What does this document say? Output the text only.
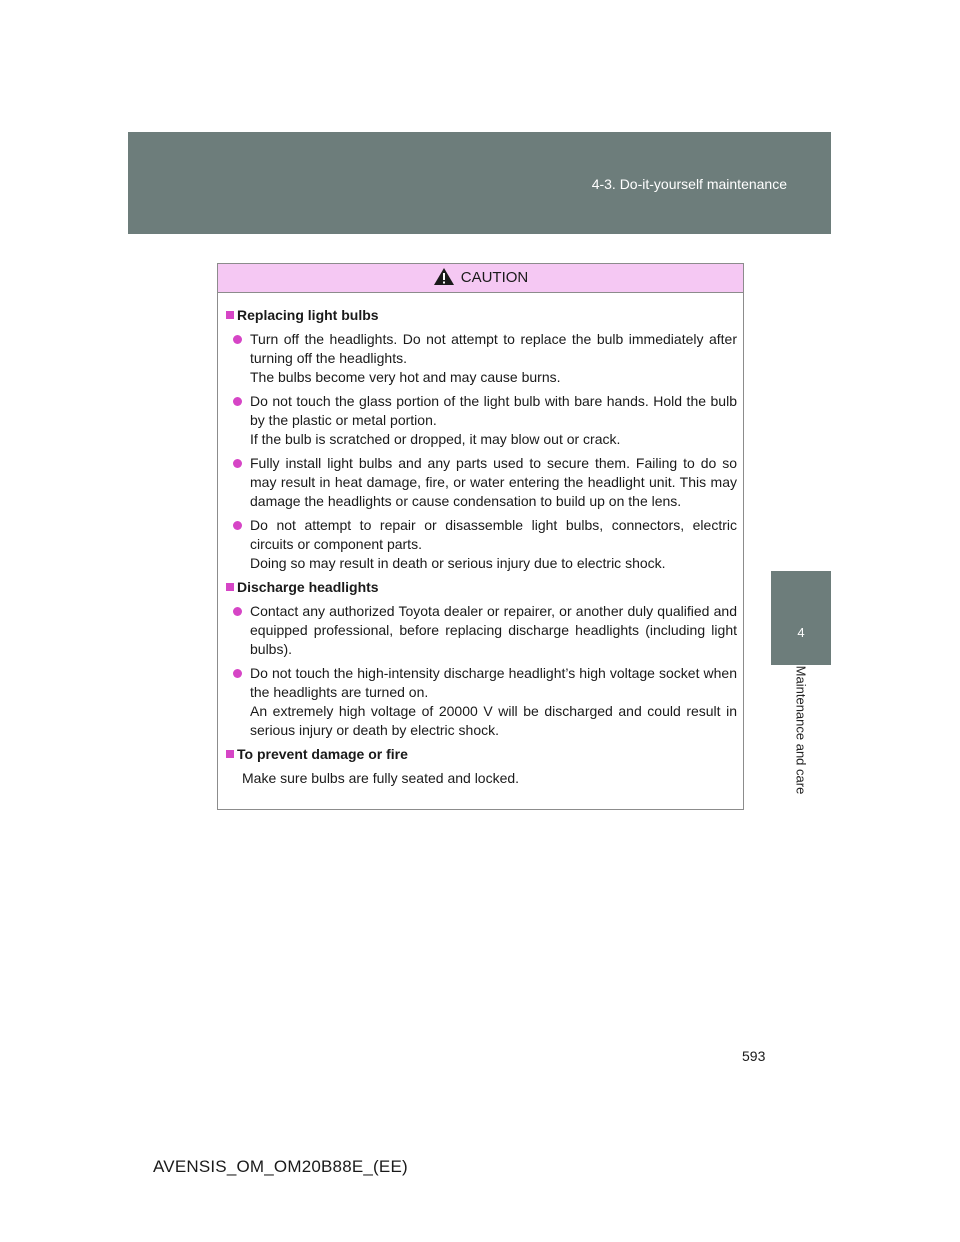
4-3. Do-it-yourself maintenance
4
Maintenance and care
CAUTION
Replacing light bulbs
Turn off the headlights. Do not attempt to replace the bulb immediately after turning off the headlights.
The bulbs become very hot and may cause burns.
Do not touch the glass portion of the light bulb with bare hands. Hold the bulb by the plastic or metal portion.
If the bulb is scratched or dropped, it may blow out or crack.
Fully install light bulbs and any parts used to secure them. Failing to do so may result in heat damage, fire, or water entering the headlight unit. This may damage the headlights or cause condensation to build up on the lens.
Do not attempt to repair or disassemble light bulbs, connectors, electric circuits or component parts.
Doing so may result in death or serious injury due to electric shock.
Discharge headlights
Contact any authorized Toyota dealer or repairer, or another duly qualified and equipped professional, before replacing discharge headlights (including light bulbs).
Do not touch the high-intensity discharge headlight’s high voltage socket when the headlights are turned on.
An extremely high voltage of 20000 V will be discharged and could result in serious injury or death by electric shock.
To prevent damage or fire
Make sure bulbs are fully seated and locked.
593
AVENSIS_OM_OM20B88E_(EE)
